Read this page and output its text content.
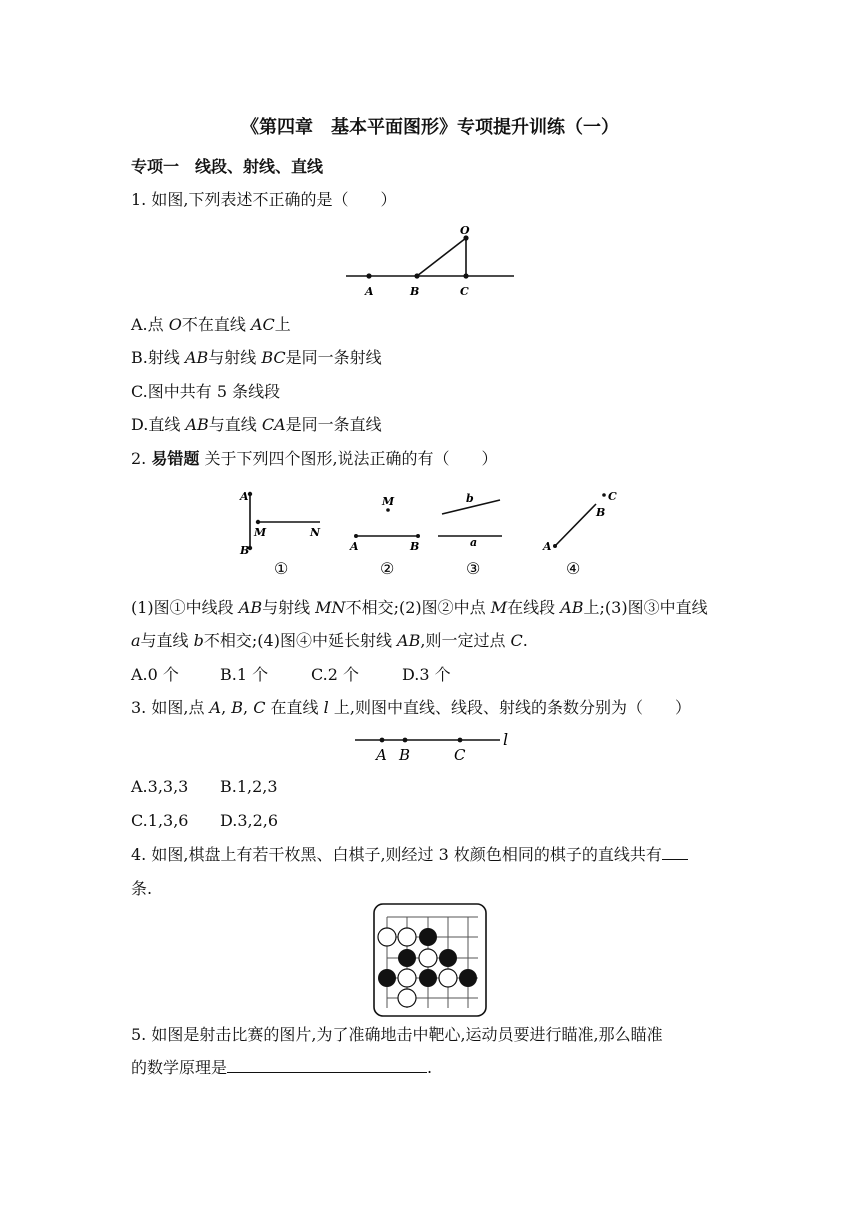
《第四章　基本平面图形》专项提升训练（一）
专项一　线段、射线、直线
1. 如图,下列表述不正确的是（　　）
O
A	B	C
A.点 O不在直线 AC上
B.射线 AB与射线 BC是同一条射线
C.图中共有 5 条线段
D.直线 AB与直线 CA是同一条直线
2. 易错题 关于下列四个图形,说法正确的有（　　）
A
B
M	N
①
M
A	B
②
b
a
③
C
B
A
④
(1)图①中线段 AB与射线 MN不相交;(2)图②中点 M在线段 AB上;(3)图③中直线
a与直线 b不相交;(4)图④中延长射线 AB,则一定过点 C.
A.0 个	B.1 个	C.2 个	D.3 个
3. 如图,点 A, B, C 在直线 l 上,则图中直线、线段、射线的条数分别为（　　）
A B	C
l
A.3,3,3 B.1,2,3
C.1,3,6 D.3,2,6
4. 如图,棋盘上有若干枚黑、白棋子,则经过 3 枚颜色相同的棋子的直线共有
条.
5. 如图是射击比赛的图片,为了准确地击中靶心,运动员要进行瞄准,那么瞄准
的数学原理是	.
